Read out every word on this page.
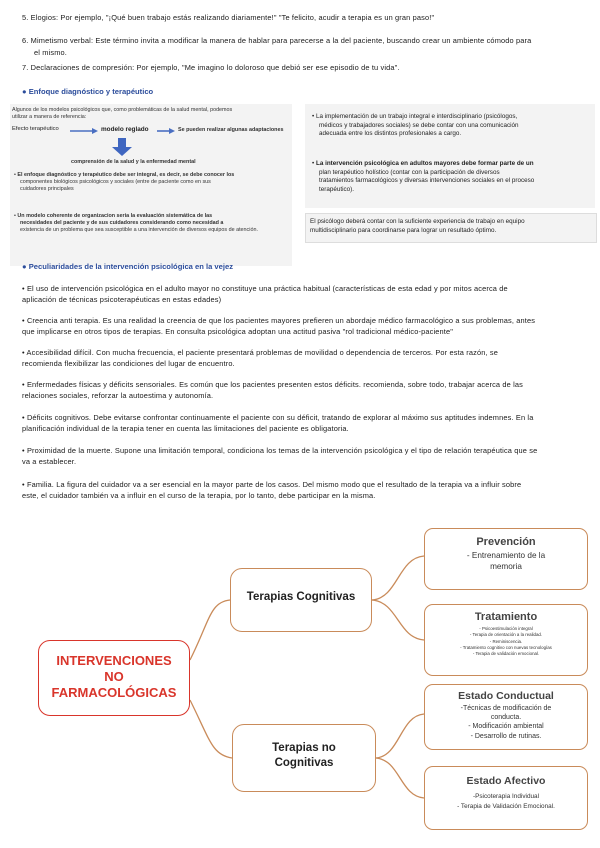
5. Elogios: Por ejemplo, "¡Qué buen trabajo estás realizando diariamente!" "Te felicito, acudir a terapia es un gran paso!"
6. Mimetismo verbal: Este término invita a modificar la manera de hablar para parecerse a la del paciente, buscando crear un ambiente cómodo para
el mismo.
7. Declaraciones de compresión: Por ejemplo, "Me imagino lo doloroso que debió ser ese episodio de tu vida".
● Enfoque diagnóstico y terapéutico
Algunos de los modelos psicológicos que, como problemáticas de la salud mental, podemos
utilizar a manera de referencia:
Efecto terapéutico	modelo reglado	Se pueden realizar algunas adaptaciones
comprensión de la salud y la enfermedad mental
• El enfoque diagnóstico y terapéutico debe ser integral, es decir, se debe conocer los
componentes biológicos psicológicos y sociales (entre de paciente como en sus
cuidadores principales
• Un modelo coherente de organizacion seria la evaluación sistemática de las
necesidades del paciente y de sus cuidadores considerando como necesidad a
existencia de un problema que sea susceptible a una intervención de diversos equipos de atención.
• La implementación de un trabajo integral e interdisciplinario (psicólogos,
médicos y trabajadores sociales) se debe contar con una comunicación
adecuada entre los distintos profesionales a cargo.
• La intervención psicológica en adultos mayores debe formar parte de un
plan terapéutico holístico (contar con la participación de diversos
tratamientos farmacológicos y diversas intervenciones sociales en el proceso
terapéutico).
El psicólogo deberá contar con la suficiente experiencia de trabajo en equipo
multidisciplinario para coordinarse para lograr un resultado óptimo.
● Peculiaridades de la intervención psicológica en la vejez
• El uso de intervención psicológica en el adulto mayor no constituye una práctica habitual (características de esta edad y por mitos acerca de
aplicación de técnicas psicoterapéuticas en estas edades)
• Creencia anti terapia. Es una realidad la creencia de que los pacientes mayores prefieren un abordaje médico farmacológico a sus problemas, antes
que implicarse en otros tipos de terapias. En consulta psicológica adoptan una actitud pasiva "rol tradicional médico-paciente"
• Accesibilidad difícil. Con mucha frecuencia, el paciente presentará problemas de movilidad o dependencia de terceros. Por esta razón, se
recomienda flexibilizar las condiciones del lugar de encuentro.
• Enfermedades físicas y déficits sensoriales. Es común que los pacientes presenten estos déficits. recomienda, sobre todo, trabajar acerca de las
relaciones sociales, reforzar la autoestima y autonomía.
• Déficits cognitivos. Debe evitarse confrontar continuamente el paciente con su déficit, tratando de explorar al máximo sus aptitudes indemnes. En la
planificación individual de la terapia tener en cuenta las limitaciones del paciente es obligatoria.
• Proximidad de la muerte. Supone una limitación temporal, condiciona los temas de la intervención psicológica y el tipo de relación terapéutica que se
va a establecer.
• Familia. La figura del cuidador va a ser esencial en la mayor parte de los casos. Del mismo modo que el resultado de la terapia va a influir sobre
este, el cuidador también va a influir en el curso de la terapia, por lo tanto, debe participar en la misma.
INTERVENCIONES
NO
FARMACOLÓGICAS
Terapias Cognitivas
Terapias no
Cognitivas
Prevención
- Entrenamiento de la
memoria
Tratamiento
- Psicoestimulación integral
- Terapia de orientación a la realidad.
- Reminiscencia.
- Tratamiento cognitivo con nuevas tecnologías
- Terapia de validación emocional.
Estado Conductual
-Técnicas de modificación de
conducta.
- Modificación ambiental
- Desarrollo de rutinas.
Estado Afectivo
-Psicoterapia Individual
- Terapia de Validación Emocional.
